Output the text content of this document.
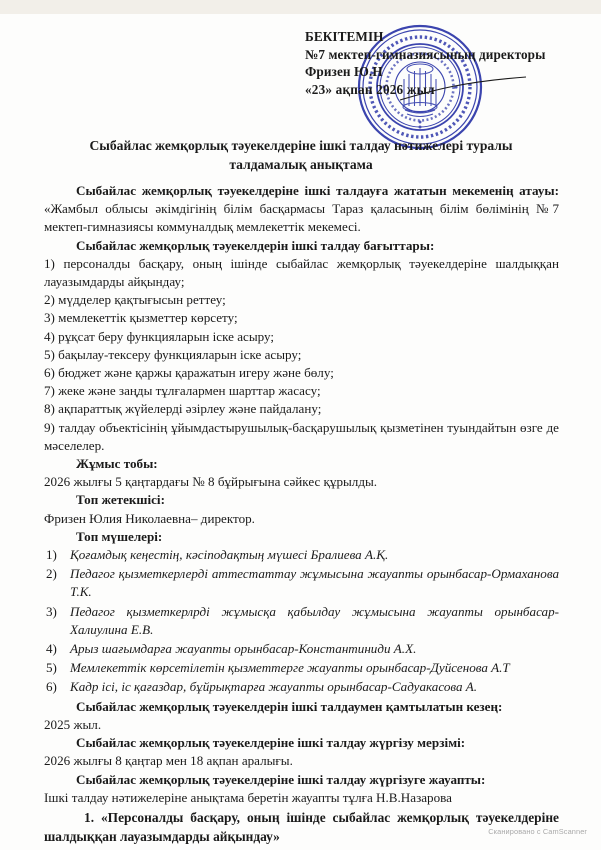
БЕКІТЕМІН
№7 мектеп-гимназиясының директоры
Фризен Ю.Н
«23» ақпан 2026 жыл
Сыбайлас жемқорлық тәуекелдеріне ішкі талдау нәтижелері туралы талдамалық анықтама

Сыбайлас жемқорлық тәуекелдеріне ішкі талдауға жататын мекеменің атауы: «Жамбыл облысы әкімдігінің білім басқармасы Тараз қаласының білім бөлімінің №7 мектеп-гимназиясы коммуналдық мемлекеттік мекемесі.

Сыбайлас жемқорлық тәуекелдерін ішкі талдау бағыттары:

1) персоналды басқару, оның ішінде сыбайлас жемқорлық тәуекелдеріне шалдыққан лауазымдарды айқындау;
2) мүдделер қақтығысын реттеу;
3) мемлекеттік қызметтер көрсету;
4) рұқсат беру функцияларын іске асыру;
5) бақылау-тексеру функцияларын іске асыру;
6) бюджет және қаржы қаражатын игеру және бөлу;
7) жеке және заңды тұлғалармен шарттар жасасу;
8) ақпараттық жүйелерді әзірлеу және пайдалану;
9) талдау объектісінің ұйымдастырушылық-басқарушылық қызметінен туындайтын өзге де мәселелер.

Жұмыс тобы:

2026 жылғы 5 қаңтардағы № 8 бұйрығына сәйкес құрылды.

Топ жетекшісі:

Фризен Юлия Николаевна– директор.

Топ мүшелері:

1) Қоғамдық кеңестің, кәсіподақтың мүшесі Бралиева А.Қ.
2) Педагог қызметкерлерді аттестаттау жұмысына жауапты орынбасар-Ормаханова Т.К.
3) Педагог қызметкерлрді жұмысқа қабылдау жұмысына жауапты орынбасар-Халиулина Е.В.
4) Арыз шағымдарға жауапты орынбасар-Константиниди А.Х.
5) Мемлекеттік көрсетілетін қызметтерге жауапты орынбасар-Дуйсенова А.Т
6) Кадр ісі, іс қағаздар, бұйрықтарға жауапты орынбасар-Садуакасова А.

Сыбайлас жемқорлық тәуекелдерін ішкі талдаумен қамтылатын кезең:

2025 жыл.

Сыбайлас жемқорлық тәуекелдеріне ішкі талдау жүргізу мерзімі:

2026 жылғы 8 қаңтар мен 18 ақпан аралығы.

Сыбайлас жемқорлық тәуекелдеріне ішкі талдау жүргізуге жауапты:

Ішкі талдау нәтижелеріне анықтама беретін жауапты тұлға Н.В.Назарова

1. «Персоналды басқару, оның ішінде сыбайлас жемқорлық тәуекелдеріне шалдыққан лауазымдарды айқындау»	Сканировано с CamScanner
